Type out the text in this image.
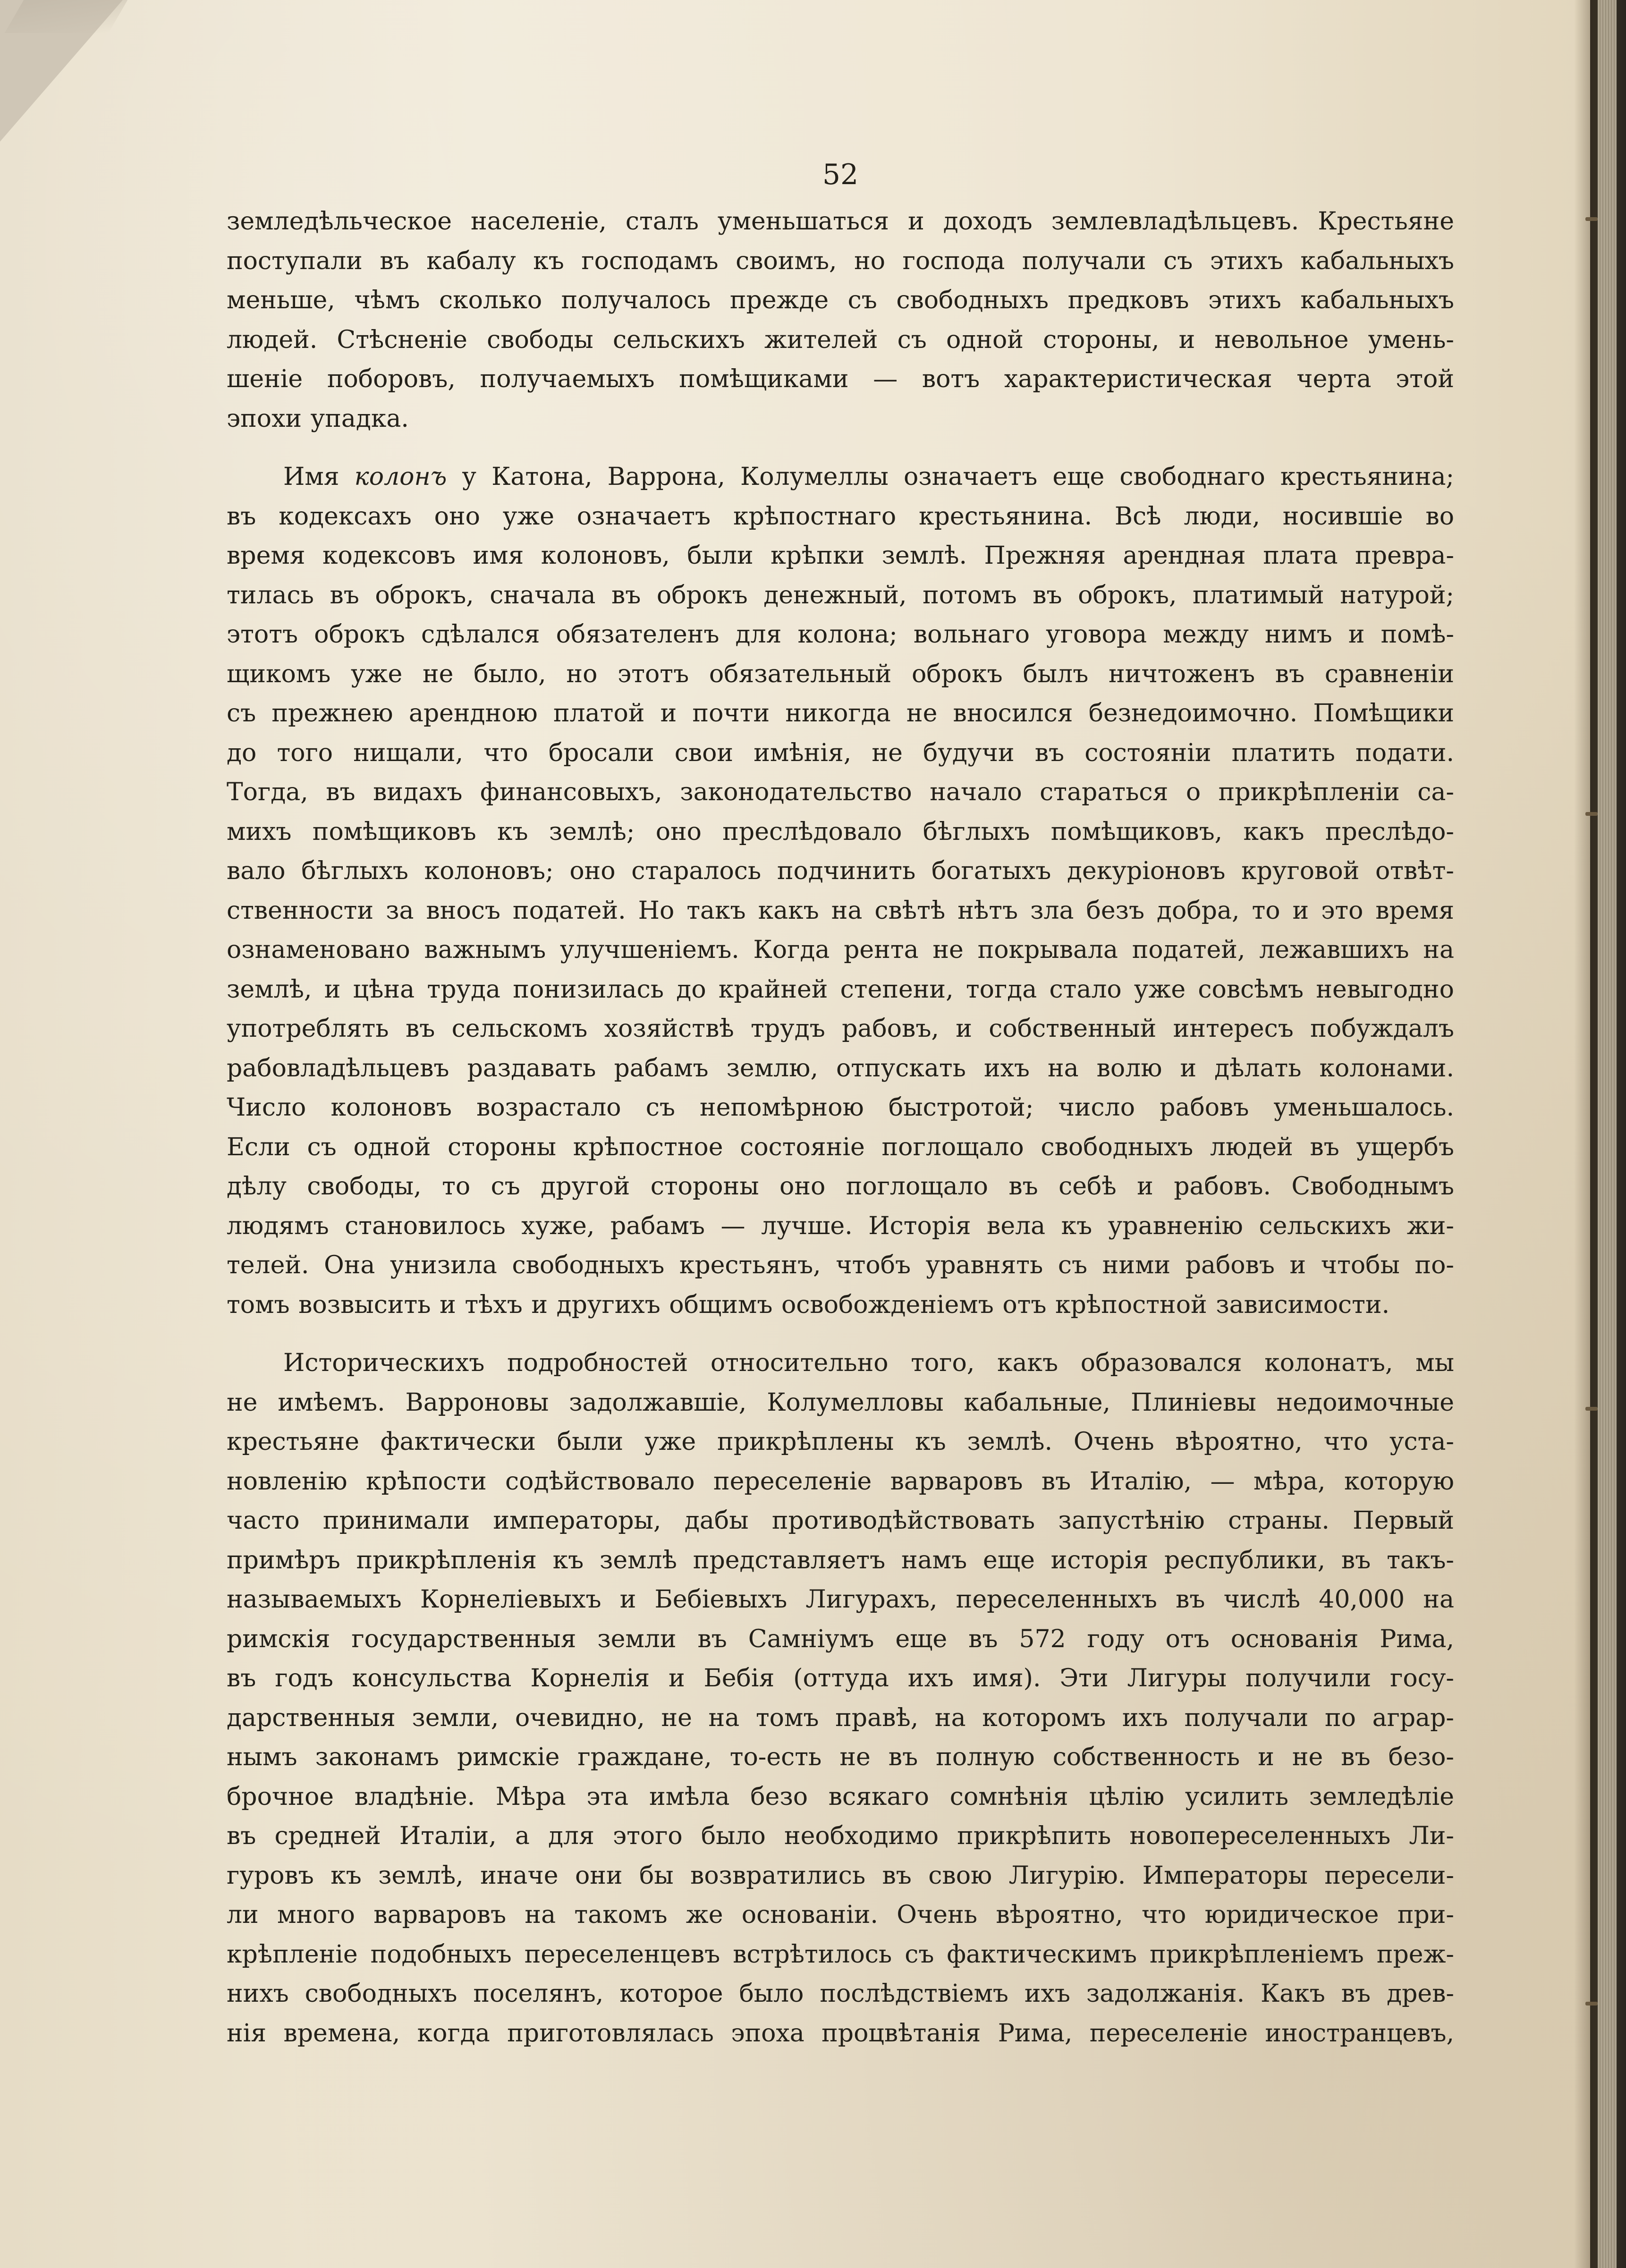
52
земледѣльческое населеніе, сталъ уменьшаться и доходъ землевладѣльцевъ. Крестьяне
поступали въ кабалу къ господамъ своимъ, но господа получали съ этихъ кабальныхъ
меньше, чѣмъ сколько получалось прежде съ свободныхъ предковъ этихъ кабальныхъ
людей. Стѣсненіе свободы сельскихъ жителей съ одной стороны, и невольное умень-
шеніе поборовъ, получаемыхъ помѣщиками — вотъ характеристическая черта этой
эпохи упадка.
Имя колонъ у Катона, Варрона, Колумеллы означаетъ еще свободнаго крестьянина;
въ кодексахъ оно уже означаетъ крѣпостнаго крестьянина. Всѣ люди, носившіе во
время кодексовъ имя колоновъ, были крѣпки землѣ. Прежняя арендная плата превра-
тилась въ оброкъ, сначала въ оброкъ денежный, потомъ въ оброкъ, платимый натурой;
этотъ оброкъ сдѣлался обязателенъ для колона; вольнаго уговора между нимъ и помѣ-
щикомъ уже не было, но этотъ обязательный оброкъ былъ ничтоженъ въ сравненіи
съ прежнею арендною платой и почти никогда не вносился безнедоимочно. Помѣщики
до того нищали, что бросали свои имѣнія, не будучи въ состояніи платить подати.
Тогда, въ видахъ финансовыхъ, законодательство начало стараться о прикрѣпленіи са-
михъ помѣщиковъ къ землѣ; оно преслѣдовало бѣглыхъ помѣщиковъ, какъ преслѣдо-
вало бѣглыхъ колоновъ; оно старалось подчинить богатыхъ декуріоновъ круговой отвѣт-
ственности за вносъ податей. Но такъ какъ на свѣтѣ нѣтъ зла безъ добра, то и это время
ознаменовано важнымъ улучшеніемъ. Когда рента не покрывала податей, лежавшихъ на
землѣ, и цѣна труда понизилась до крайней степени, тогда стало уже совсѣмъ невыгодно
употреблять въ сельскомъ хозяйствѣ трудъ рабовъ, и собственный интересъ побуждалъ
рабовладѣльцевъ раздавать рабамъ землю, отпускать ихъ на волю и дѣлать колонами.
Число колоновъ возрастало съ непомѣрною быстротой; число рабовъ уменьшалось.
Если съ одной стороны крѣпостное состояніе поглощало свободныхъ людей въ ущербъ
дѣлу свободы, то съ другой стороны оно поглощало въ себѣ и рабовъ. Свободнымъ
людямъ становилось хуже, рабамъ — лучше. Исторія вела къ уравненію сельскихъ жи-
телей. Она унизила свободныхъ крестьянъ, чтобъ уравнять съ ними рабовъ и чтобы по-
томъ возвысить и тѣхъ и другихъ общимъ освобожденіемъ отъ крѣпостной зависимости.
Историческихъ подробностей относительно того, какъ образовался колонатъ, мы
не имѣемъ. Варроновы задолжавшіе, Колумелловы кабальные, Плиніевы недоимочные
крестьяне фактически были уже прикрѣплены къ землѣ. Очень вѣроятно, что уста-
новленію крѣпости содѣйствовало переселеніе варваровъ въ Италію, — мѣра, которую
часто принимали императоры, дабы противодѣйствовать запустѣнію страны. Первый
примѣръ прикрѣпленія къ землѣ представляетъ намъ еще исторія республики, въ такъ-
называемыхъ Корнеліевыхъ и Бебіевыхъ Лигурахъ, переселенныхъ въ числѣ 40,000 на
римскія государственныя земли въ Самніумъ еще въ 572 году отъ основанія Рима,
въ годъ консульства Корнелія и Бебія (оттуда ихъ имя). Эти Лигуры получили госу-
дарственныя земли, очевидно, не на томъ правѣ, на которомъ ихъ получали по аграр-
нымъ законамъ римскіе граждане, то-есть не въ полную собственность и не въ безо-
брочное владѣніе. Мѣра эта имѣла безо всякаго сомнѣнія цѣлію усилить земледѣліе
въ средней Италіи, а для этого было необходимо прикрѣпить новопереселенныхъ Ли-
гуровъ къ землѣ, иначе они бы возвратились въ свою Лигурію. Императоры пересели-
ли много варваровъ на такомъ же основаніи. Очень вѣроятно, что юридическое при-
крѣпленіе подобныхъ переселенцевъ встрѣтилось съ фактическимъ прикрѣпленіемъ преж-
нихъ свободныхъ поселянъ, которое было послѣдствіемъ ихъ задолжанія. Какъ въ древ-
нія времена, когда приготовлялась эпоха процвѣтанія Рима, переселеніе иностранцевъ,
